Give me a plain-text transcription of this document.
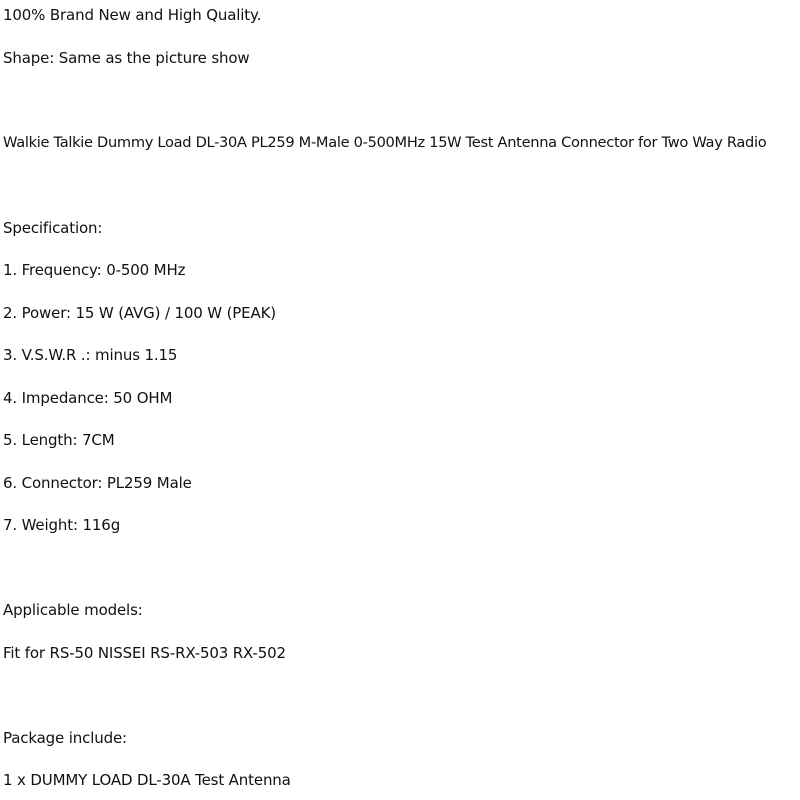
100% Brand New and High Quality.
Shape: Same as the picture show
Walkie Talkie Dummy Load DL-30A PL259 M-Male 0-500MHz 15W Test Antenna Connector for Two Way Radio
Specification:
1. Frequency: 0-500 MHz
2. Power: 15 W (AVG) / 100 W (PEAK)
3. V.S.W.R .: minus 1.15
4. Impedance: 50 OHM
5. Length: 7CM
6. Connector: PL259 Male
7. Weight: 116g
Applicable models:
Fit for RS-50 NISSEI RS-RX-503 RX-502
Package include:
1 x DUMMY LOAD DL-30A Test Antenna
